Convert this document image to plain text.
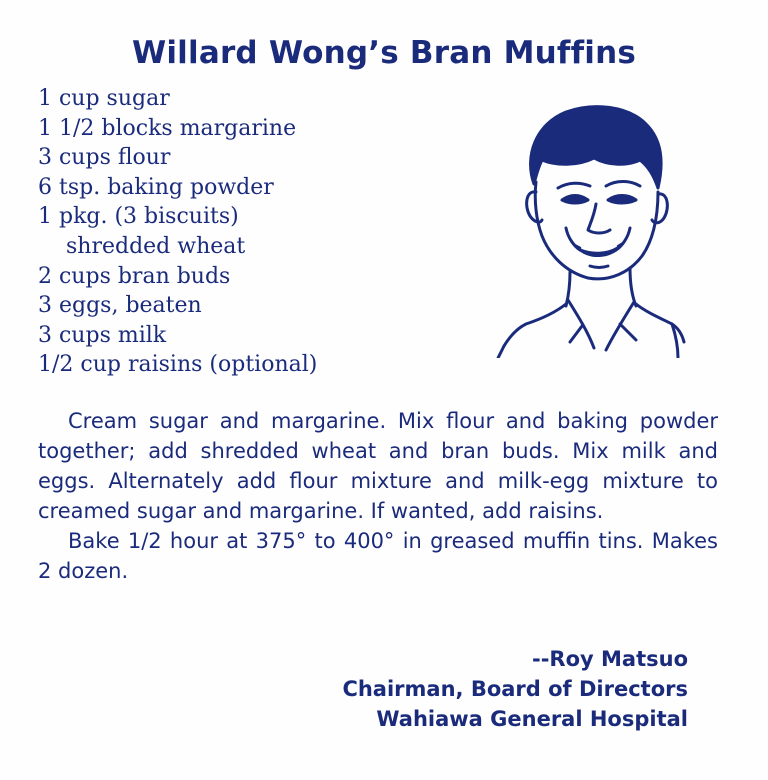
Willard Wong’s Bran Muffins
1 cup sugar
1 1/2 blocks margarine
3 cups flour
6 tsp. baking powder
1 pkg. (3 biscuits)
shredded wheat
2 cups bran buds
3 eggs, beaten
3 cups milk
1/2 cup raisins (optional)

Cream sugar and margarine. Mix flour and baking powder together; add shredded wheat and bran buds. Mix milk and eggs. Alternately add flour mixture and milk-egg mixture to creamed sugar and margarine. If wanted, add raisins.

Bake 1/2 hour at 375° to 400° in greased muffin tins. Makes 2 dozen.

--Roy Matsuo
Chairman, Board of Directors
Wahiawa General Hospital
